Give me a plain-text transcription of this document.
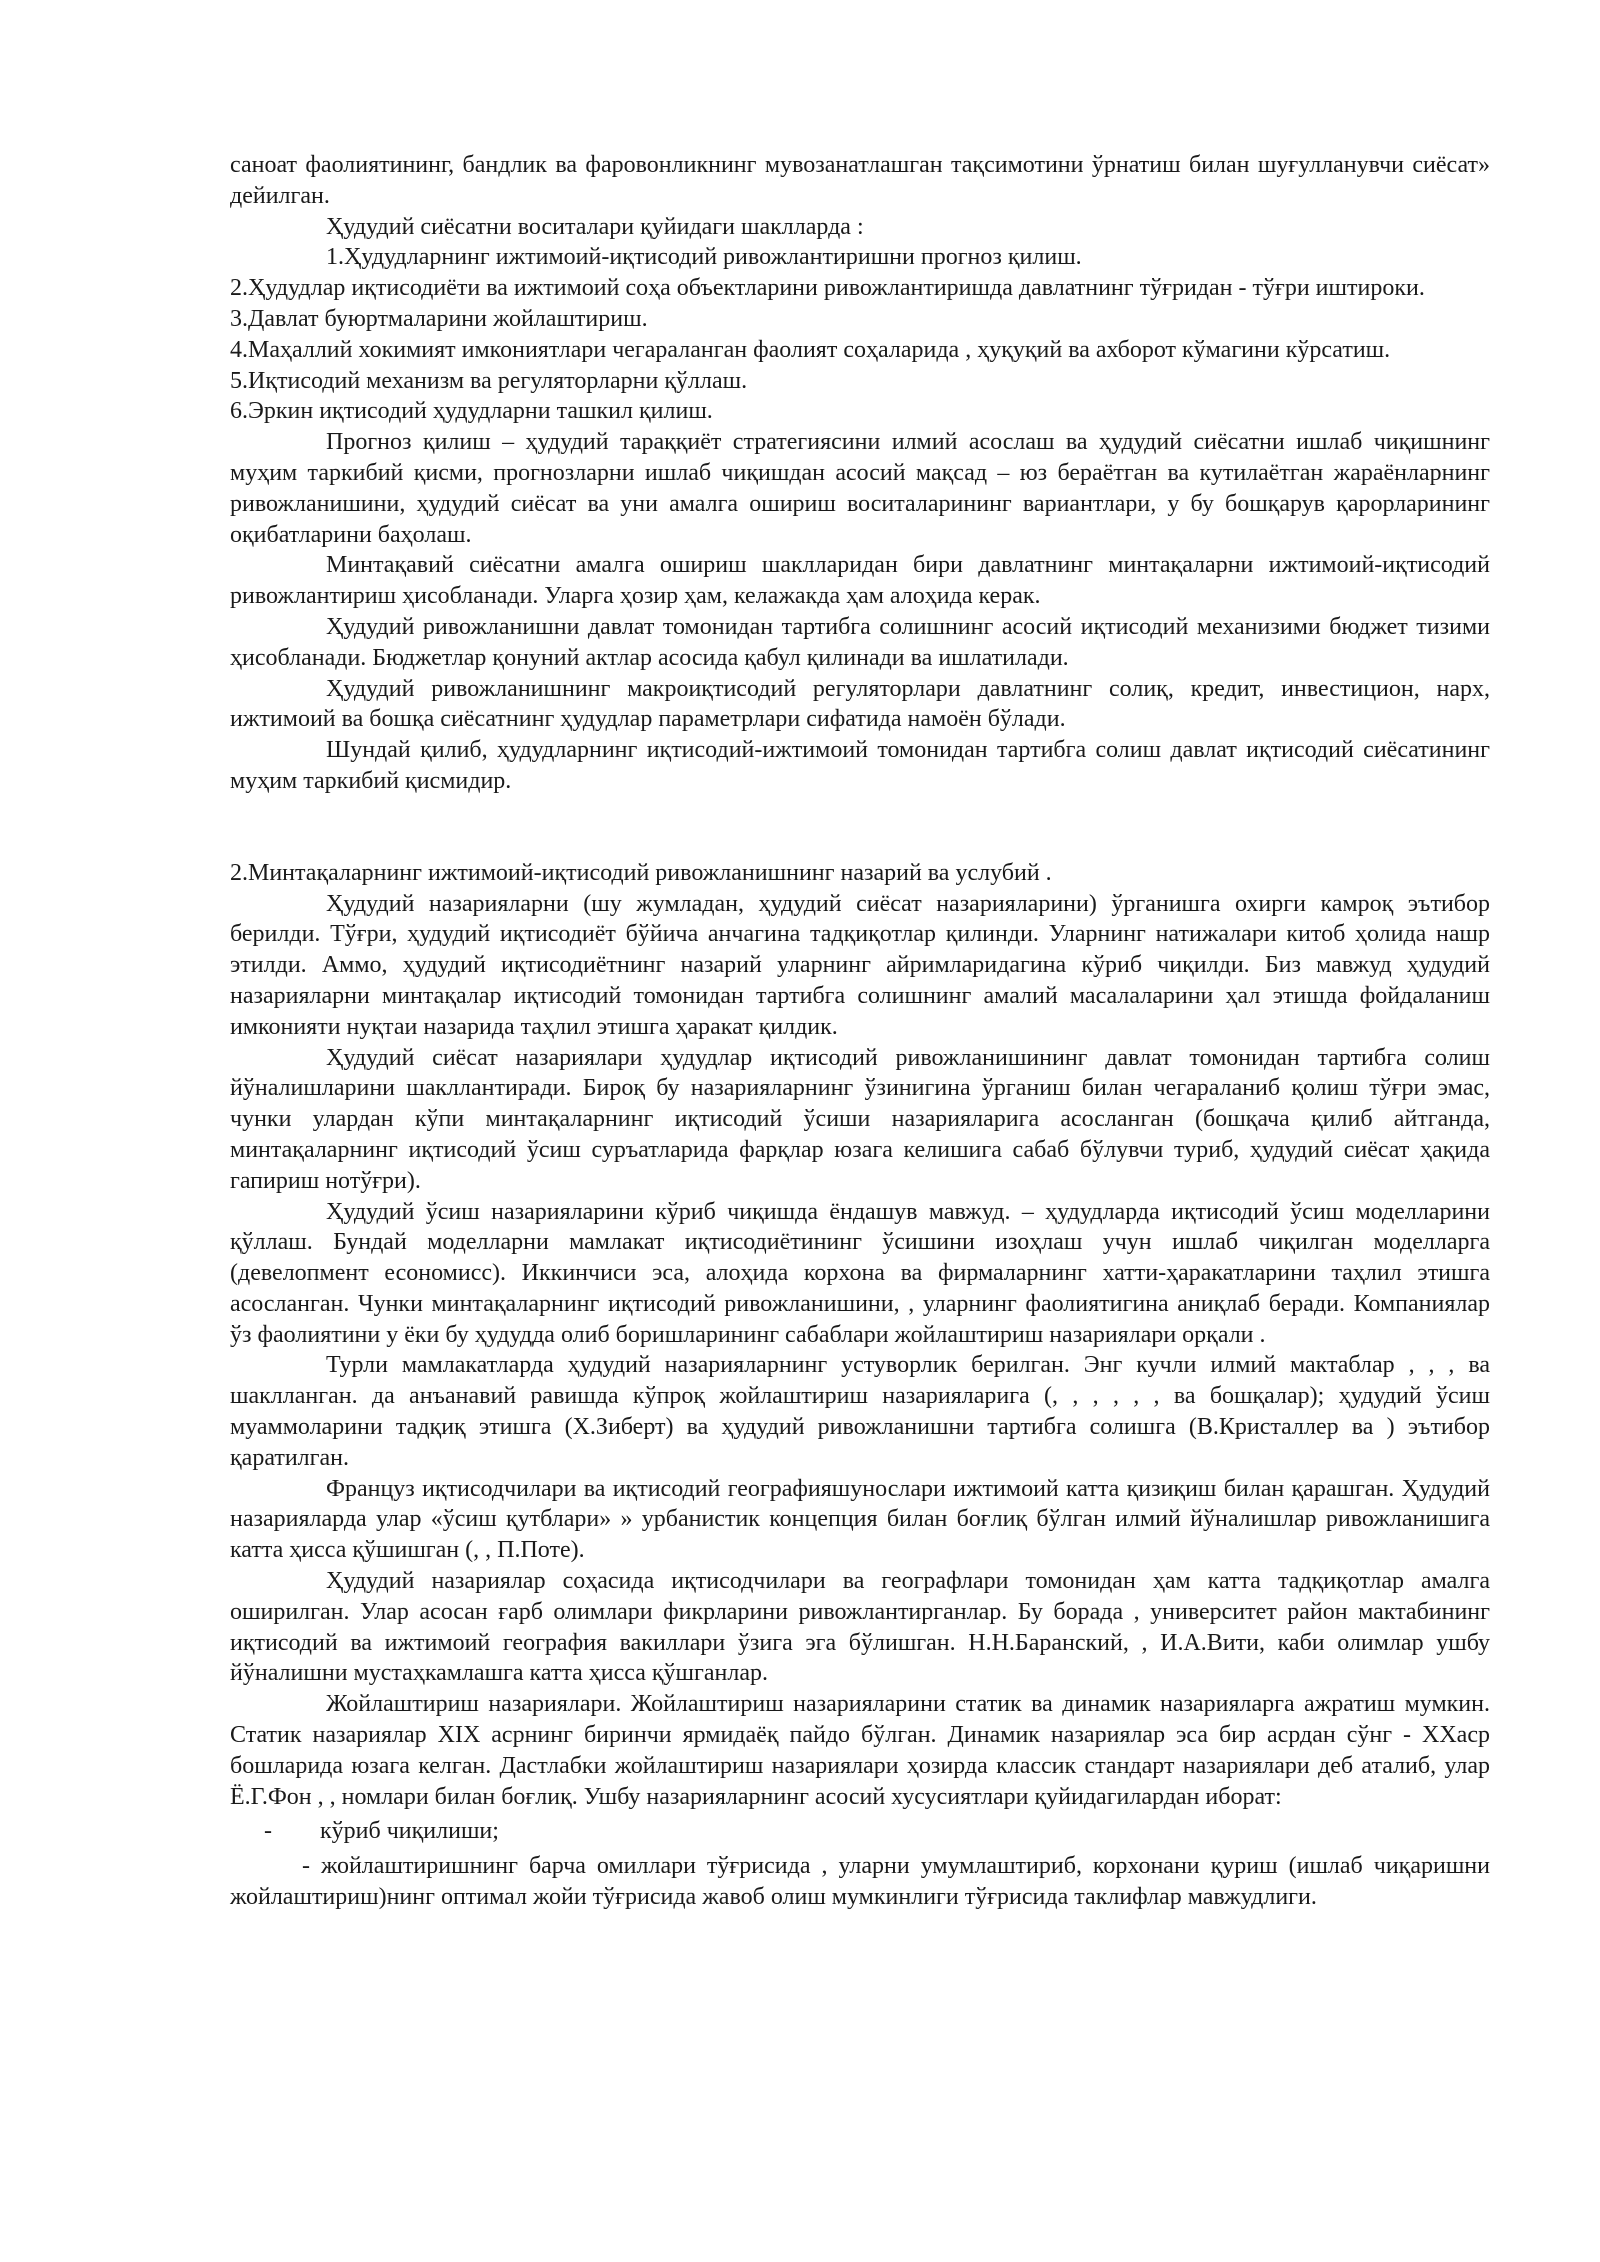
саноат фаолиятининг, бандлик ва фаровонликнинг мувозанатлашган тақсимотини ўрнатиш билан шуғулланувчи сиёсат» дейилган.

Ҳудудий сиёсатни воситалари қуйидаги шаклларда :

1.Ҳудудларнинг ижтимоий-иқтисодий ривожлантиришни прогноз қилиш.

2.Ҳудудлар иқтисодиёти ва ижтимоий соҳа объектларини ривожлантиришда давлатнинг тўғридан - тўғри иштироки.

3.Давлат буюртмаларини жойлаштириш.

4.Маҳаллий хокимият имкониятлари чегараланган фаолият соҳаларида , ҳуқуқий ва ахборот кўмагини кўрсатиш.

5.Иқтисодий механизм ва регуляторларни қўллаш.

6.Эркин иқтисодий ҳудудларни ташкил қилиш.

Прогноз қилиш – ҳудудий тараққиёт стратегиясини илмий асослаш ва ҳудудий сиёсатни ишлаб чиқишнинг муҳим таркибий қисми, прогнозларни ишлаб чиқишдан асосий мақсад – юз бераётган ва кутилаётган жараёнларнинг ривожланишини, ҳудудий сиёсат ва уни амалга ошириш воситаларининг вариантлари, у бу бошқарув қарорларининг оқибатларини баҳолаш.

Минтақавий сиёсатни амалга ошириш шаклларидан бири давлатнинг минтақаларни ижтимоий-иқтисодий ривожлантириш ҳисобланади. Уларга ҳозир ҳам, келажакда ҳам алоҳида керак.

Ҳудудий ривожланишни давлат томонидан тартибга солишнинг асосий иқтисодий механизими бюджет тизими ҳисобланади. Бюджетлар қонуний актлар асосида қабул қилинади ва ишлатилади.

Ҳудудий ривожланишнинг макроиқтисодий регуляторлари давлатнинг солиқ, кредит, инвестицион, нарх, ижтимоий ва бошқа сиёсатнинг ҳудудлар параметрлари сифатида намоён бўлади.

Шундай қилиб, ҳудудларнинг иқтисодий-ижтимоий томонидан тартибга солиш давлат иқтисодий сиёсатининг муҳим таркибий қисмидир.

2.Минтақаларнинг ижтимоий-иқтисодий ривожланишнинг назарий ва услубий .

Ҳудудий назарияларни (шу жумладан, ҳудудий сиёсат назарияларини) ўрганишга охирги камроқ эътибор берилди. Тўғри, ҳудудий иқтисодиёт бўйича анчагина тадқиқотлар қилинди. Уларнинг натижалари китоб ҳолида нашр этилди. Аммо, ҳудудий иқтисодиётнинг назарий уларнинг айримларидагина кўриб чиқилди. Биз мавжуд ҳудудий назарияларни минтақалар иқтисодий томонидан тартибга солишнинг амалий масалаларини ҳал этишда фойдаланиш имконияти нуқтаи назарида таҳлил этишга ҳаракат қилдик.

Ҳудудий сиёсат назариялари ҳудудлар иқтисодий ривожланишининг давлат томонидан тартибга солиш йўналишларини шакллантиради. Бироқ бу назарияларнинг ўзинигина ўрганиш билан чегараланиб қолиш тўғри эмас, чунки улардан кўпи минтақаларнинг иқтисодий ўсиши назарияларига асосланган (бошқача қилиб айтганда, минтақаларнинг иқтисодий ўсиш суръатларида фарқлар юзага келишига сабаб бўлувчи туриб, ҳудудий сиёсат ҳақида гапириш нотўғри).

Ҳудудий ўсиш назарияларини кўриб чиқишда ёндашув мавжуд. – ҳудудларда иқтисодий ўсиш моделларини қўллаш. Бундай моделларни мамлакат иқтисодиётининг ўсишини изоҳлаш учун ишлаб чиқилган моделларга (девелопмент есономисс). Иккинчиси эса, алоҳида корхона ва фирмаларнинг хатти-ҳаракатларини таҳлил этишга асосланган. Чунки минтақаларнинг иқтисодий ривожланишини, , уларнинг фаолиятигина аниқлаб беради. Компаниялар ўз фаолиятини у ёки бу ҳудудда олиб боришларининг сабаблари жойлаштириш назариялари орқали .

Турли мамлакатларда ҳудудий назарияларнинг устуворлик берилган. Энг кучли илмий мактаблар , , , ва шаклланган. да анъанавий равишда кўпроқ жойлаштириш назарияларига (, , , , , , ва бошқалар); ҳудудий ўсиш муаммоларини тадқиқ этишга (Х.Зиберт) ва ҳудудий ривожланишни тартибга солишга (В.Кристаллер ва ) эътибор қаратилган.

Француз иқтисодчилари ва иқтисодий географияшунослари ижтимоий катта қизиқиш билан қарашган. Ҳудудий назарияларда улар «ўсиш қутблари» » урбанистик концепция билан боғлиқ бўлган илмий йўналишлар ривожланишига катта ҳисса қўшишган (, , П.Поте).

Ҳудудий назариялар соҳасида иқтисодчилари ва географлари томонидан ҳам катта тадқиқотлар амалга оширилган. Улар асосан ғарб олимлари фикрларини ривожлантирганлар. Бу борада , университет район мактабининг иқтисодий ва ижтимоий география вакиллари ўзига эга бўлишган. Н.Н.Баранский, , И.А.Вити, каби олимлар ушбу йўналишни мустаҳкамлашга катта ҳисса қўшганлар.

Жойлаштириш назариялари. Жойлаштириш назарияларини статик ва динамик назарияларга ажратиш мумкин. Статик назариялар XIX асрнинг биринчи ярмидаёқ пайдо бўлган. Динамик назариялар эса бир асрдан сўнг - XXаср бошларида юзага келган. Дастлабки жойлаштириш назариялари ҳозирда классик стандарт назариялари деб аталиб, улар Ё.Г.Фон , , номлари билан боғлиқ. Ушбу назарияларнинг асосий хусусиятлари қуйидагилардан иборат:

-  кўриб чиқилиши;

- жойлаштиришнинг барча омиллари тўғрисида , уларни умумлаштириб, корхонани қуриш (ишлаб чиқаришни жойлаштириш)нинг оптимал жойи тўғрисида жавоб олиш мумкинлиги тўғрисида таклифлар мавжудлиги.
